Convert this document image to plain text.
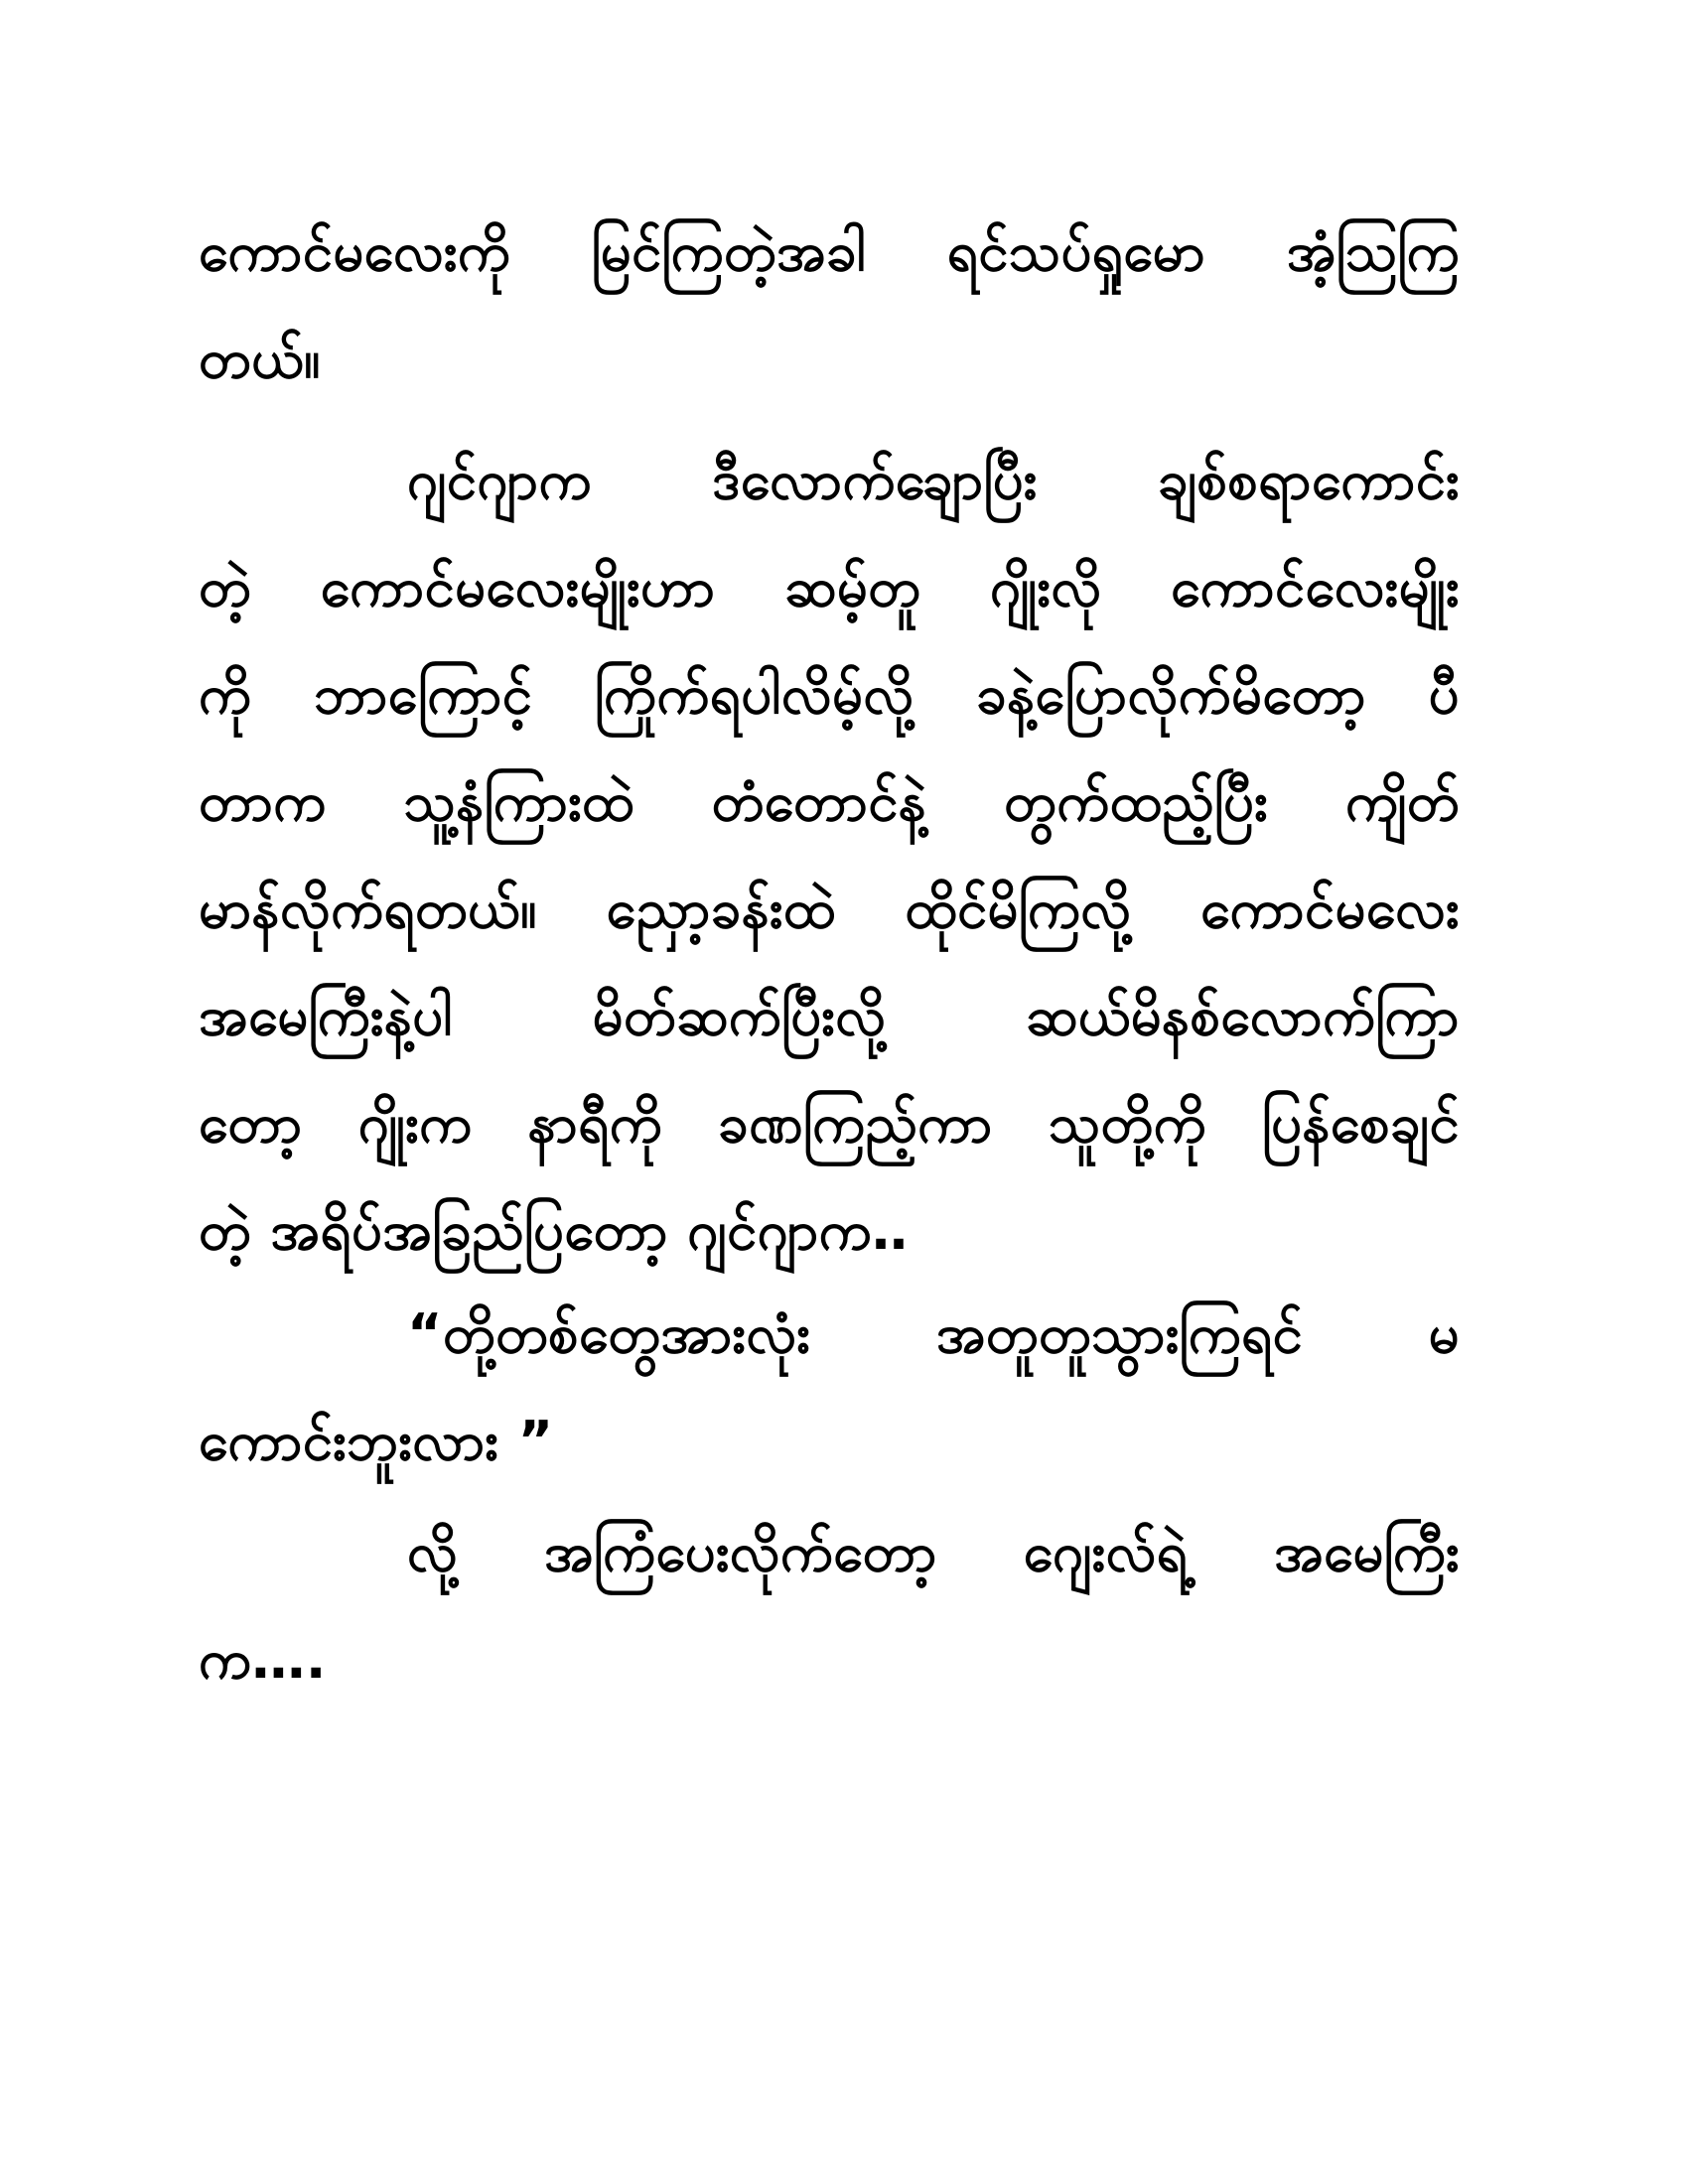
ကောင်မလေးကို မြင်ကြတဲ့အခါ ရင်သပ်ရှုမော အံ့သြကြ
တယ်။
ဂျင်ဂျာက ဒီလောက်ချောပြီး ချစ်စရာကောင်း
တဲ့ ကောင်မလေးမျိုးဟာ ဆမ့်တူ ဂျိုးလို ကောင်လေးမျိုး
ကို ဘာကြောင့် ကြိုက်ရပါလိမ့်လို့ ခနဲ့ပြောလိုက်မိတော့ ပီ
တာက သူ့နံကြားထဲ တံတောင်နဲ့ တွက်ထည့်ပြီး ကျိတ်
မာန်လိုက်ရတယ်။ ညှော့ခန်းထဲ ထိုင်မိကြလို့ ကောင်မလေး
အမေကြီးနဲ့ပါ	မိတ်ဆက်ပြီးလို့	ဆယ်မိနစ်လောက်ကြာ
တော့ ဂျိုးက နာရီကို ခဏကြည့်ကာ သူတို့ကို ပြန်စေချင်
တဲ့ အရိပ်အခြည်ပြတော့ ဂျင်ဂျာက‥
“တို့တစ်တွေအားလုံး အတူတူသွားကြရင် မ
ကောင်းဘူးလား ”
လို့ အကြံပေးလိုက်တော့ ဂျေးလ်ရဲ့ အမေကြီး
က….
